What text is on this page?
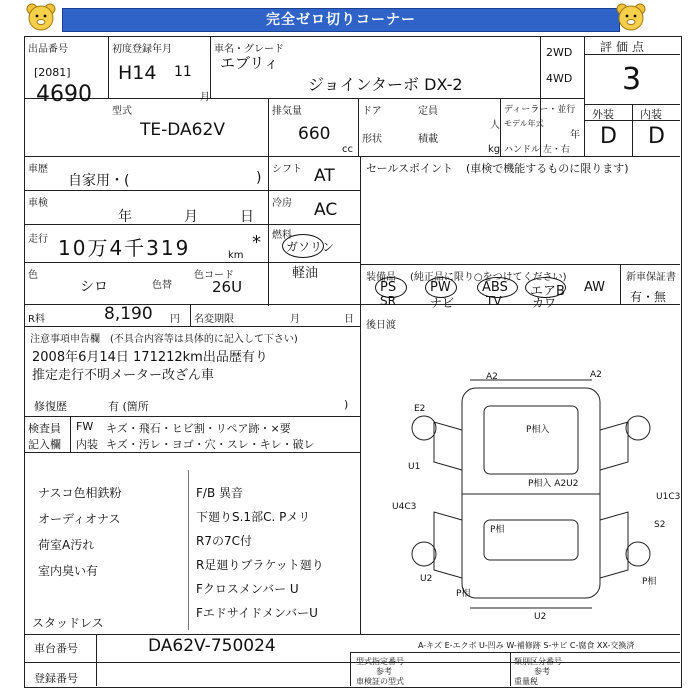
完全ゼロ切りコーナー
出品番号
[2081]
4690
初度登録年月
H14 11
月
車名・グレード
エブリィ
ジョインターボ DX-2
2WD
4WD
評価点
3
外装 内装
D D
型式
TE-DA62V
排気量
660
cc
ドア	定員
人
形状	積載
kg
ディーラー・並行
モデル年式
年
ハンドル 左・右
車歴
自家用・(	)
シフト AT
車検
年	月	日
冷房 AC
走行 10万4千319	km
* 燃料
ガソリン
軽油
色
シロ	色替
色コード
26U
R料	8,190 円 名変期限	月	日
セールスポイント (車検で機能するものに限ります)
装備品 (純正品に限り○をつけてください)	新車保証書
有・無
PS	PW ABS エアB AW
SR	ナビ	TV	カワ
後日渡
注意事項申告欄 (不具合内容等は具体的に記入して下さい)
2008年6月14日 171212km出品歴有り
推定走行不明メーター改ざん車
修復歴	有 (箇所	)
検査員 FW キズ・飛石・ヒビ割・リペア跡・×要
記入欄 内装 キズ・汚レ・ヨゴ・穴・スレ・キレ・破レ
ナスコ色相鉄粉
オーディオナス
荷室A汚れ
室内臭い有
スタッドレス
F/B 異音
下廻りS.1部C. Pメリ
R7の7C付
R足廻りブラケット廻り
Fクロスメンバー U
FエドサイドメンバーU
A2	A2
E2
P相入
U1
P相入 A2U2
U4C3
U1C3
P相	S2
U2
P相
P相
U2
A-キズ E-エクボ U-凹み W-補修跡 S-サビ C-腐食 XX-交換済
車台番号	DA62V-750024
登録番号
型式指定番号
参考
車検証の型式
類別区分番号
参考
重量税
